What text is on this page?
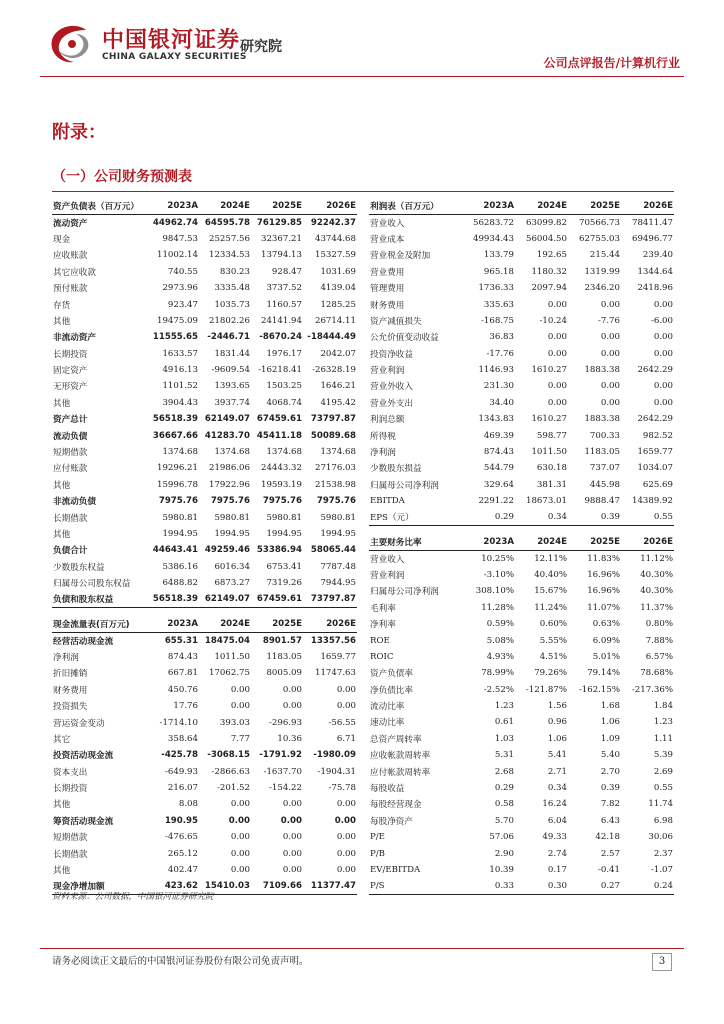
中国银河证券
CHINA GALAXY SECURITIES
研究院
公司点评报告/计算机行业
附录：
（一）公司财务预测表
资产负债表（百万元）	2023A	2024E	2025E	2026E
流动资产	44962.74	64595.78	76129.85	92242.37
现金	9847.53	25257.56	32367.21	43744.68
应收账款	11002.14	12334.53	13794.13	15327.59
其它应收款	740.55	830.23	928.47	1031.69
预付账款	2973.96	3335.48	3737.52	4139.04
存货	923.47	1035.73	1160.57	1285.25
其他	19475.09	21802.26	24141.94	26714.11
非流动资产	11555.65	-2446.71	-8670.24	-18444.49
长期投资	1633.57	1831.44	1976.17	2042.07
固定资产	4916.13	-9609.54	-16218.41	-26328.19
无形资产	1101.52	1393.65	1503.25	1646.21
其他	3904.43	3937.74	4068.74	4195.42
资产总计	56518.39	62149.07	67459.61	73797.87
流动负债	36667.66	41283.70	45411.18	50089.68
短期借款	1374.68	1374.68	1374.68	1374.68
应付账款	19296.21	21986.06	24443.32	27176.03
其他	15996.78	17922.96	19593.19	21538.98
非流动负债	7975.76	7975.76	7975.76	7975.76
长期借款	5980.81	5980.81	5980.81	5980.81
其他	1994.95	1994.95	1994.95	1994.95
负债合计	44643.41	49259.46	53386.94	58065.44
少数股东权益	5386.16	6016.34	6753.41	7787.48
归属母公司股东权益	6488.82	6873.27	7319.26	7944.95
负债和股东权益	56518.39	62149.07	67459.61	73797.87
利润表（百万元）	2023A	2024E	2025E	2026E
营业收入	56283.72	63099.82	70566.73	78411.47
营业成本	49934.43	56004.50	62755.03	69496.77
营业税金及附加	133.79	192.65	215.44	239.40
营业费用	965.18	1180.32	1319.99	1344.64
管理费用	1736.33	2097.94	2346.20	2418.96
财务费用	335.63	0.00	0.00	0.00
资产减值损失	-168.75	-10.24	-7.76	-6.00
公允价值变动收益	36.83	0.00	0.00	0.00
投资净收益	-17.76	0.00	0.00	0.00
营业利润	1146.93	1610.27	1883.38	2642.29
营业外收入	231.30	0.00	0.00	0.00
营业外支出	34.40	0.00	0.00	0.00
利润总额	1343.83	1610.27	1883.38	2642.29
所得税	469.39	598.77	700.33	982.52
净利润	874.43	1011.50	1183.05	1659.77
少数股东损益	544.79	630.18	737.07	1034.07
归属母公司净利润	329.64	381.31	445.98	625.69
EBITDA	2291.22	18673.01	9888.47	14389.92
EPS（元）	0.29	0.34	0.39	0.55
现金流量表(百万元)	2023A	2024E	2025E	2026E
经营活动现金流	655.31	18475.04	8901.57	13357.56
净利润	874.43	1011.50	1183.05	1659.77
折旧摊销	667.81	17062.75	8005.09	11747.63
财务费用	450.76	0.00	0.00	0.00
投资损失	17.76	0.00	0.00	0.00
营运资金变动	-1714.10	393.03	-296.93	-56.55
其它	358.64	7.77	10.36	6.71
投资活动现金流	-425.78	-3068.15	-1791.92	-1980.09
资本支出	-649.93	-2866.63	-1637.70	-1904.31
长期投资	216.07	-201.52	-154.22	-75.78
其他	8.08	0.00	0.00	0.00
筹资活动现金流	190.95	0.00	0.00	0.00
短期借款	-476.65	0.00	0.00	0.00
长期借款	265.12	0.00	0.00	0.00
其他	402.47	0.00	0.00	0.00
现金净增加额	423.62	15410.03	7109.66	11377.47
主要财务比率	2023A	2024E	2025E	2026E
营业收入	10.25%	12.11%	11.83%	11.12%
营业利润	-3.10%	40.40%	16.96%	40.30%
归属母公司净利润	308.10%	15.67%	16.96%	40.30%
毛利率	11.28%	11.24%	11.07%	11.37%
净利率	0.59%	0.60%	0.63%	0.80%
ROE	5.08%	5.55%	6.09%	7.88%
ROIC	4.93%	4.51%	5.01%	6.57%
资产负债率	78.99%	79.26%	79.14%	78.68%
净负债比率	-2.52%	-121.87%	-162.15%	-217.36%
流动比率	1.23	1.56	1.68	1.84
速动比率	0.61	0.96	1.06	1.23
总资产周转率	1.03	1.06	1.09	1.11
应收帐款周转率	5.31	5.41	5.40	5.39
应付帐款周转率	2.68	2.71	2.70	2.69
每股收益	0.29	0.34	0.39	0.55
每股经营现金	0.58	16.24	7.82	11.74
每股净资产	5.70	6.04	6.43	6.98
P/E	57.06	49.33	42.18	30.06
P/B	2.90	2.74	2.57	2.37
EV/EBITDA	10.39	0.17	-0.41	-1.07
P/S	0.33	0.30	0.27	0.24
资料来源：公司数据，中国银河证券研究院
请务必阅读正文最后的中国银河证券股份有限公司免责声明。	3
